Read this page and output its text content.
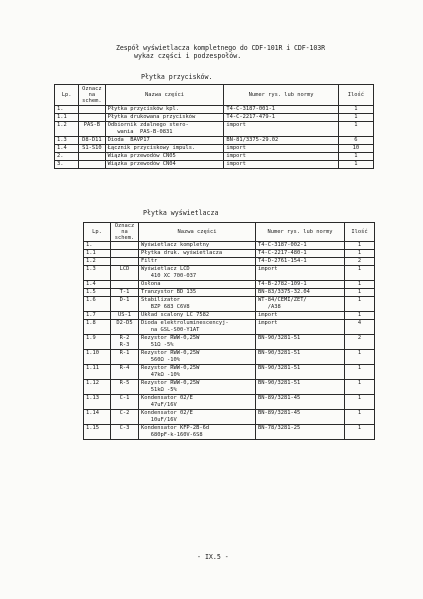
Zespół wyświetlacza kompletnego do CDF-101R i CDF-103R
wykaz części i podzespołów.
Płytka przycisków.
Lp.	Oznacz na schem.	Nazwa części	Numer rys. lub normy	Ilość
1.		Płytka przycisków kpl.	T4-C-3187-001-1	1
1.1		Płytka drukowana przycisków	T4-C-2217-479-1	1
1.2	PAS-B	Odbiornik zdalnego stero-
wania  PAS-B-0831	import	1
1.3	D8-D11	Dioda  BAVP17	BN-81/3375-29.02	6
1.4	S1-S10	Łącznik przyciskowy impuls.	import	10
2.		Wiązka przewodów CN05	import	1
3.		Wiązka przewodów CN04	import	1
Płytka wyświetlacza
Lp.	Oznacz na schem.	Nazwa części	Numer rys. lub normy	Ilość
1.		Wyświetlacz kompletny	T4-C-3187-002-1	1
1.1		Płytka druk. wyświetlacza	T4-C-2217-480-1	1
1.2		Filtr	T4-D-2761-154-1	2
1.3	LCD	Wyświetlacz LCD
410 XC 700-037	import	1
1.4		Osłona	T4-B-2782-109-1	1
1.5	T-1	Tranzystor BD 135	BN-83/3375-32.04	1
1.6	D-1	Stabilizator
BZP 683 C6V8	WT-84/CEMI/ZET/
/A38	1
1.7	US-1	Układ scalony LC 7582	import	1
1.8	D2-D5	Dioda elektroluminescencyj-
na GSL-S00-Y1AT	import	4
1.9	R-2
R-3	Rezystor RWW-0,25W
51Ω -5%	BN-90/3281-51	2
1.10	R-1	Rezystor RWW-0,25W
560Ω -10%	BN-90/3281-51	1
1.11	R-4	Rezystor RWW-0,25W
47kΩ -10%	BN-90/3281-51	1
1.12	R-5	Rezystor RWW-0,25W
51kΩ -5%	BN-90/3281-51	1
1.13	C-1	Kondensator 02/E
47uF/16V	BN-89/3281-45	1
1.14	C-2	Kondensator 02/E
10uF/16V	BN-89/3281-45	1
1.15	C-3	Kondensator KFP-2B-6d
680pF-k-160V-6S8	BN-78/3281-25	1
- IX.5 -
